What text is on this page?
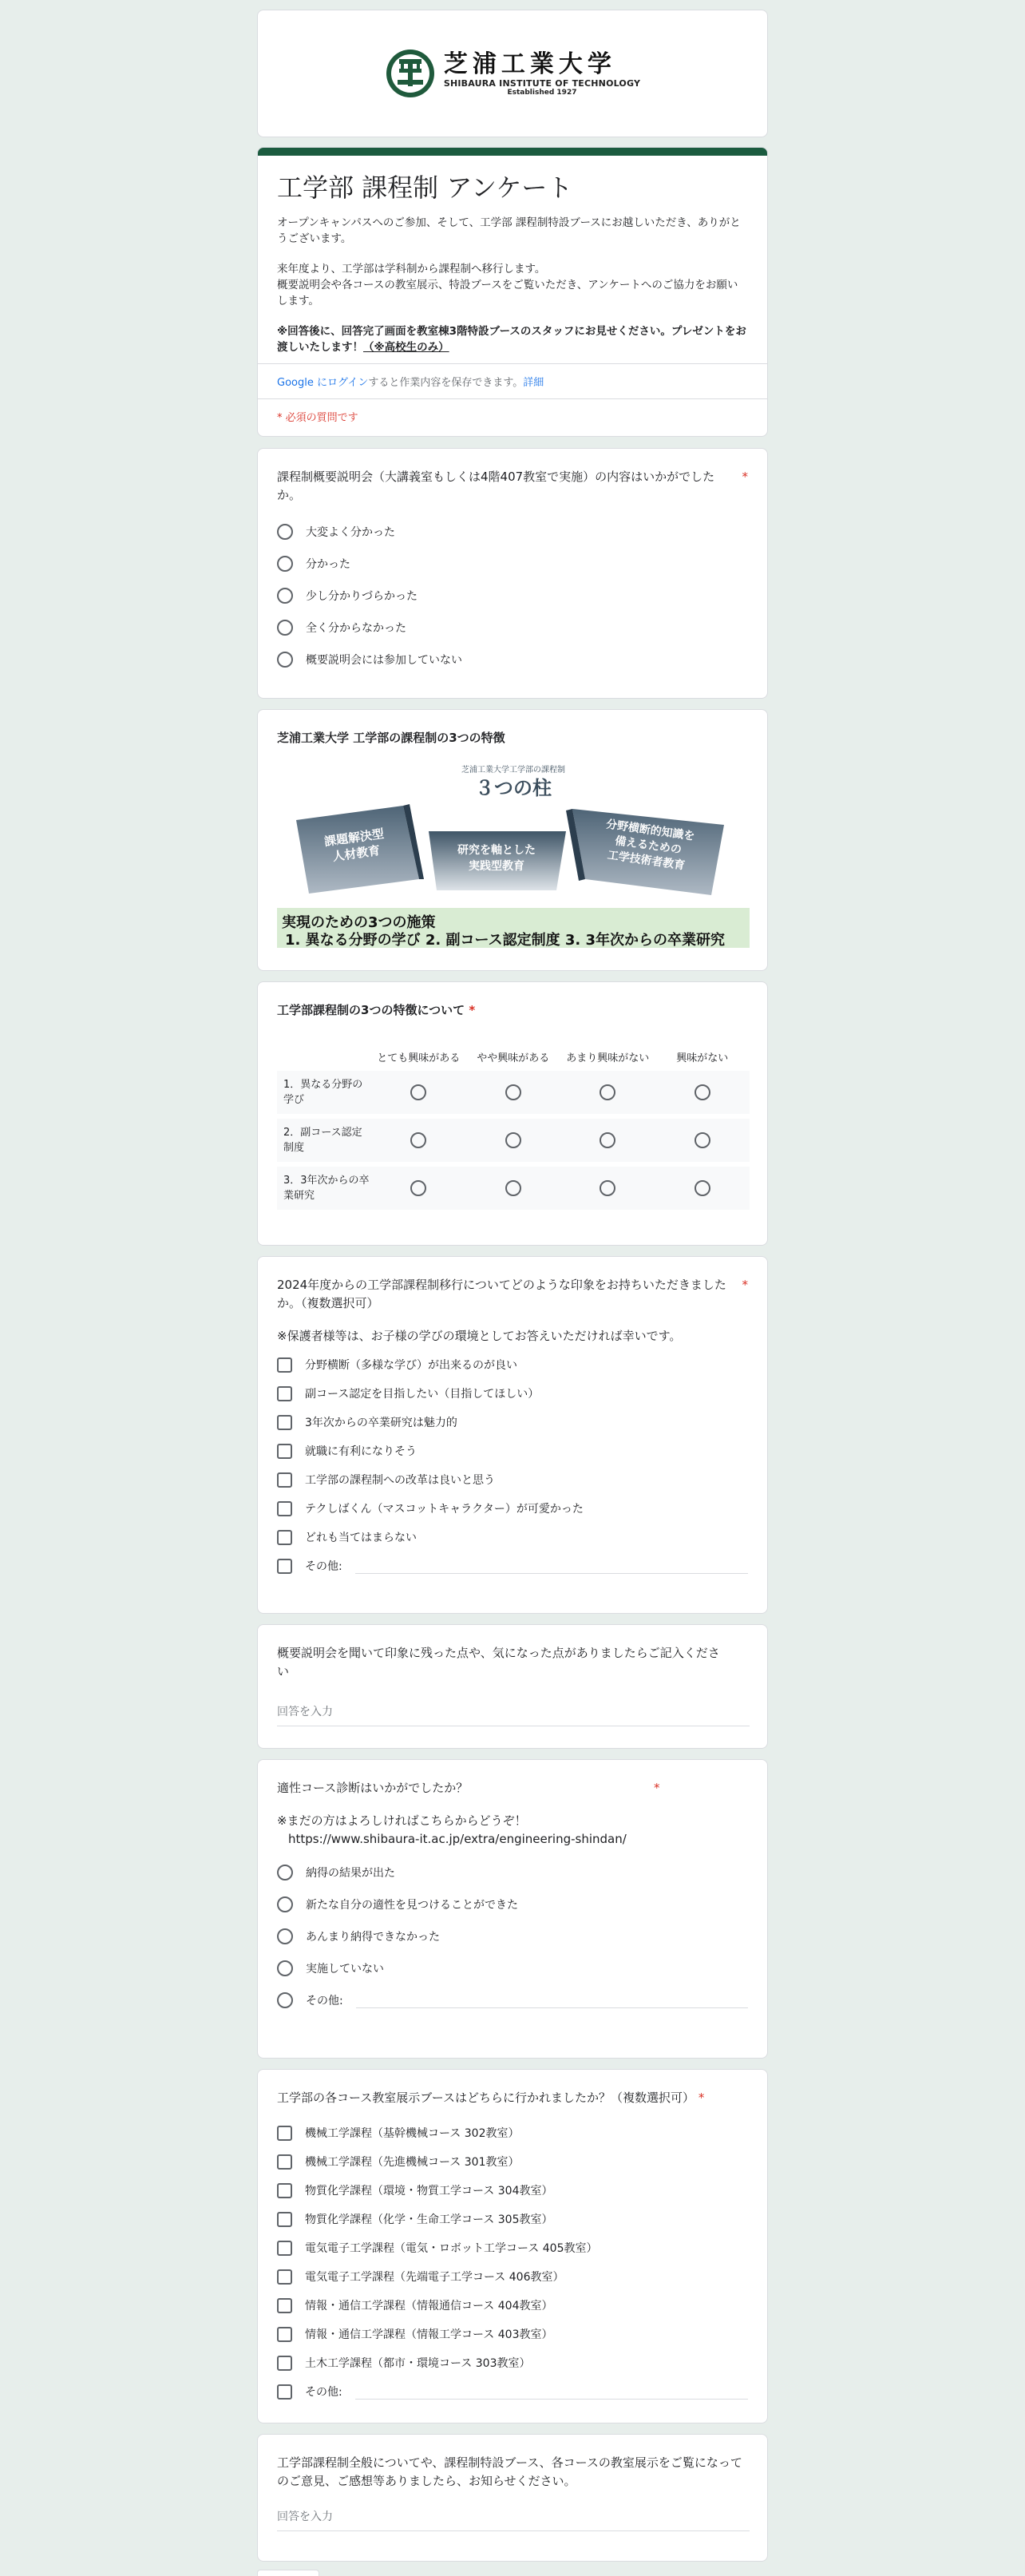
芝浦工業大学
SHIBAURA INSTITUTE OF TECHNOLOGY
Established 1927
工学部 課程制 アンケート

オープンキャンパスへのご参加、そして、工学部 課程制特設ブースにお越しいただき、ありがとうございます。

来年度より、工学部は学科制から課程制へ移行します。
概要説明会や各コースの教室展示、特設ブースをご覧いただき、アンケートへのご協力をお願いします。

※回答後に、回答完了画面を教室棟3階特設ブースのスタッフにお見せください。プレゼントをお渡しいたします！（※高校生のみ）

Google にログインすると作業内容を保存できます。詳細
* 必須の質問です
課程制概要説明会（大講義室もしくは4階407教室で実施）の内容はいかがでしたか。
*
大変よく分かった
分かった
少し分かりづらかった
全く分からなかった
概要説明会には参加していない
芝浦工業大学 工学部の課程制の3つの特徴
芝浦工業大学工学部の課程制
３つの柱
課題解決型
人材教育	研究を軸とした
実践型教育
分野横断的知識を
備えるための
工学技術者教育
実現のための3つの施策
1. 異なる分野の学び 2. 副コース認定制度 3. 3年次からの卒業研究
工学部課程制の3つの特徴について *
とても興味がある	やや興味がある	あまり興味がない	興味がない
1．異なる分野の学び
2．副コース認定制度
3．3年次からの卒業研究
2024年度からの工学部課程制移行についてどのような印象をお持ちいただきましたか。（複数選択可）
*
※保護者様等は、お子様の学びの環境としてお答えいただければ幸いです。
分野横断（多様な学び）が出来るのが良い
副コース認定を目指したい（目指してほしい）
3年次からの卒業研究は魅力的
就職に有利になりそう
工学部の課程制への改革は良いと思う
テクしばくん（マスコットキャラクター）が可愛かった
どれも当てはまらない
その他:
概要説明会を聞いて印象に残った点や、気になった点がありましたらご記入ください
回答を入力
適性コース診断はいかがでしたか？	*
※まだの方はよろしければこちらからどうぞ！
https://www.shibaura-it.ac.jp/extra/engineering-shindan/
納得の結果が出た
新たな自分の適性を見つけることができた
あんまり納得できなかった
実施していない
その他:
工学部の各コース教室展示ブースはどちらに行かれましたか？（複数選択可） *
機械工学課程（基幹機械コース 302教室）
機械工学課程（先進機械コース 301教室）
物質化学課程（環境・物質工学コース 304教室）
物質化学課程（化学・生命工学コース 305教室）
電気電子工学課程（電気・ロボット工学コース 405教室）
電気電子工学課程（先端電子工学コース 406教室）
情報・通信工学課程（情報通信コース 404教室）
情報・通信工学課程（情報工学コース 403教室）
土木工学課程（都市・環境コース 303教室）
その他:
工学部課程制全般についてや、課程制特設ブース、各コースの教室展示をご覧になってのご意見、ご感想等ありましたら、お知らせください。
回答を入力
